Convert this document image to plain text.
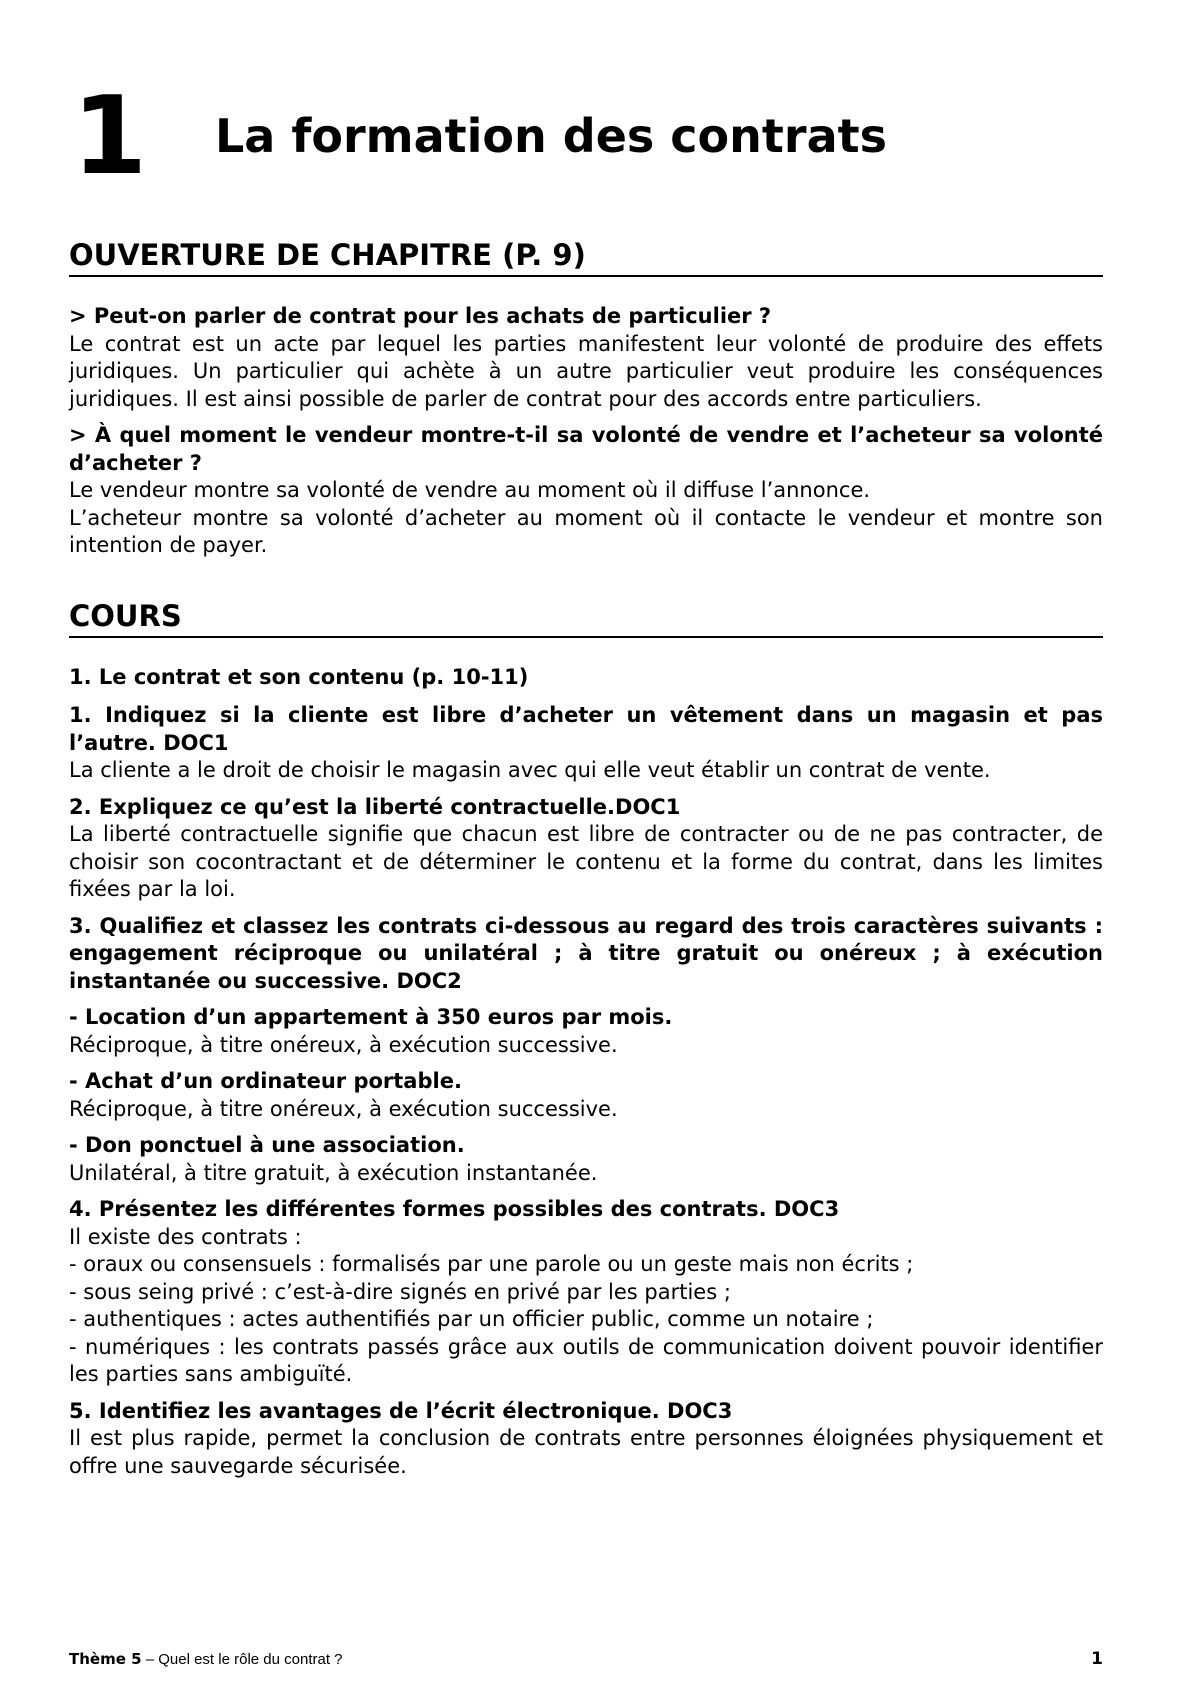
1 La formation des contrats
OUVERTURE DE CHAPITRE (P. 9)
> Peut-on parler de contrat pour les achats de particulier ?
Le contrat est un acte par lequel les parties manifestent leur volonté de produire des effets juridiques. Un particulier qui achète à un autre particulier veut produire les conséquences juridiques. Il est ainsi possible de parler de contrat pour des accords entre particuliers.
> À quel moment le vendeur montre-t-il sa volonté de vendre et l’acheteur sa volonté d’acheter ?
Le vendeur montre sa volonté de vendre au moment où il diffuse l’annonce.
L’acheteur montre sa volonté d’acheter au moment où il contacte le vendeur et montre son intention de payer.
COURS
1. Le contrat et son contenu (p. 10-11)
1. Indiquez si la cliente est libre d’acheter un vêtement dans un magasin et pas l’autre. DOC1
La cliente a le droit de choisir le magasin avec qui elle veut établir un contrat de vente.
2. Expliquez ce qu’est la liberté contractuelle.DOC1
La liberté contractuelle signifie que chacun est libre de contracter ou de ne pas contracter, de choisir son cocontractant et de déterminer le contenu et la forme du contrat, dans les limites fixées par la loi.
3. Qualifiez et classez les contrats ci-dessous au regard des trois caractères suivants : engagement réciproque ou unilatéral ; à titre gratuit ou onéreux ; à exécution instantanée ou successive. DOC2
- Location d’un appartement à 350 euros par mois.
Réciproque, à titre onéreux, à exécution successive.
- Achat d’un ordinateur portable.
Réciproque, à titre onéreux, à exécution successive.
- Don ponctuel à une association.
Unilatéral, à titre gratuit, à exécution instantanée.
4. Présentez les différentes formes possibles des contrats. DOC3
Il existe des contrats :
- oraux ou consensuels : formalisés par une parole ou un geste mais non écrits ;
- sous seing privé : c’est-à-dire signés en privé par les parties ;
- authentiques : actes authentifiés par un officier public, comme un notaire ;
- numériques : les contrats passés grâce aux outils de communication doivent pouvoir identifier les parties sans ambiguïté.
5. Identifiez les avantages de l’écrit électronique. DOC3
Il est plus rapide, permet la conclusion de contrats entre personnes éloignées physiquement et offre une sauvegarde sécurisée.
Thème 5 – Quel est le rôle du contrat ?	1
